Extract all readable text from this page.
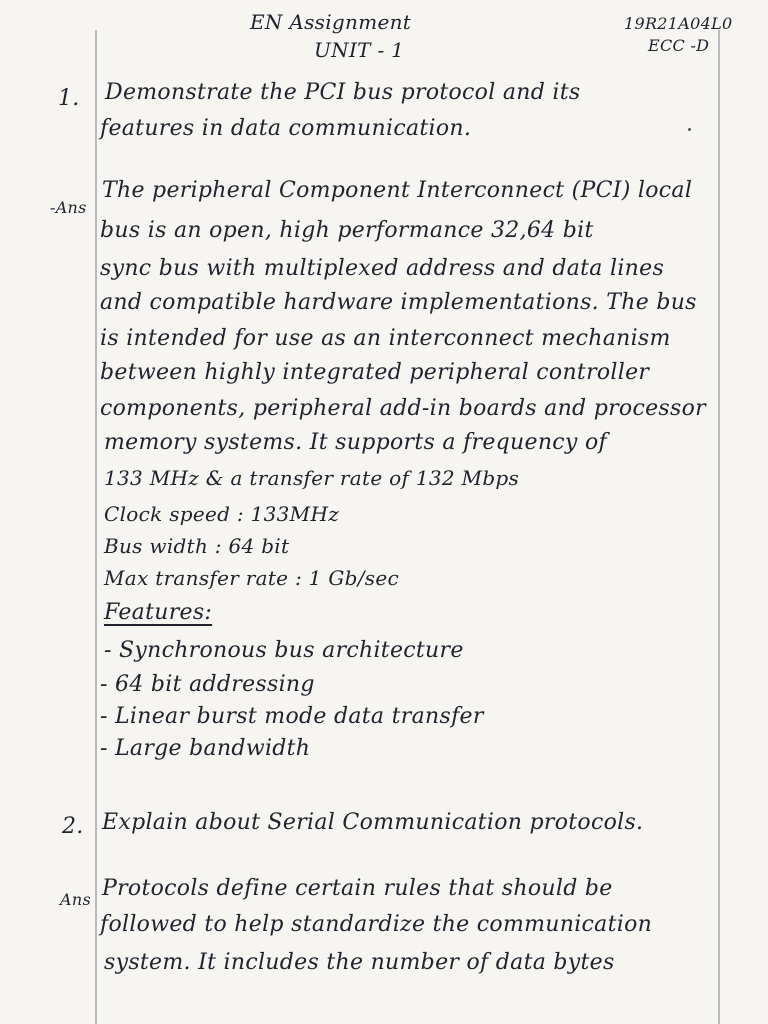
EN Assignment
UNIT - 1
19R21A04L0
ECC -D
1. Demonstrate the PCI bus protocol and its
features in data communication.
-Ans
The peripheral Component Interconnect (PCI) local
bus is an open, high performance 32,64 bit
sync bus with multiplexed address and data lines
and compatible hardware implementations. The bus
is intended for use as an interconnect mechanism
between highly integrated peripheral controller
components, peripheral add-in boards and processor
memory systems. It supports a frequency of
133 MHz & a transfer rate of 132 Mbps
Clock speed : 133MHz
Bus width : 64 bit
Max transfer rate : 1 Gb/sec
Features:
- Synchronous bus architecture
- 64 bit addressing
- Linear burst mode data transfer
- Large bandwidth
2. Explain about Serial Communication protocols.
Ans Protocols define certain rules that should be
followed to help standardize the communication
system. It includes the number of data bytes
